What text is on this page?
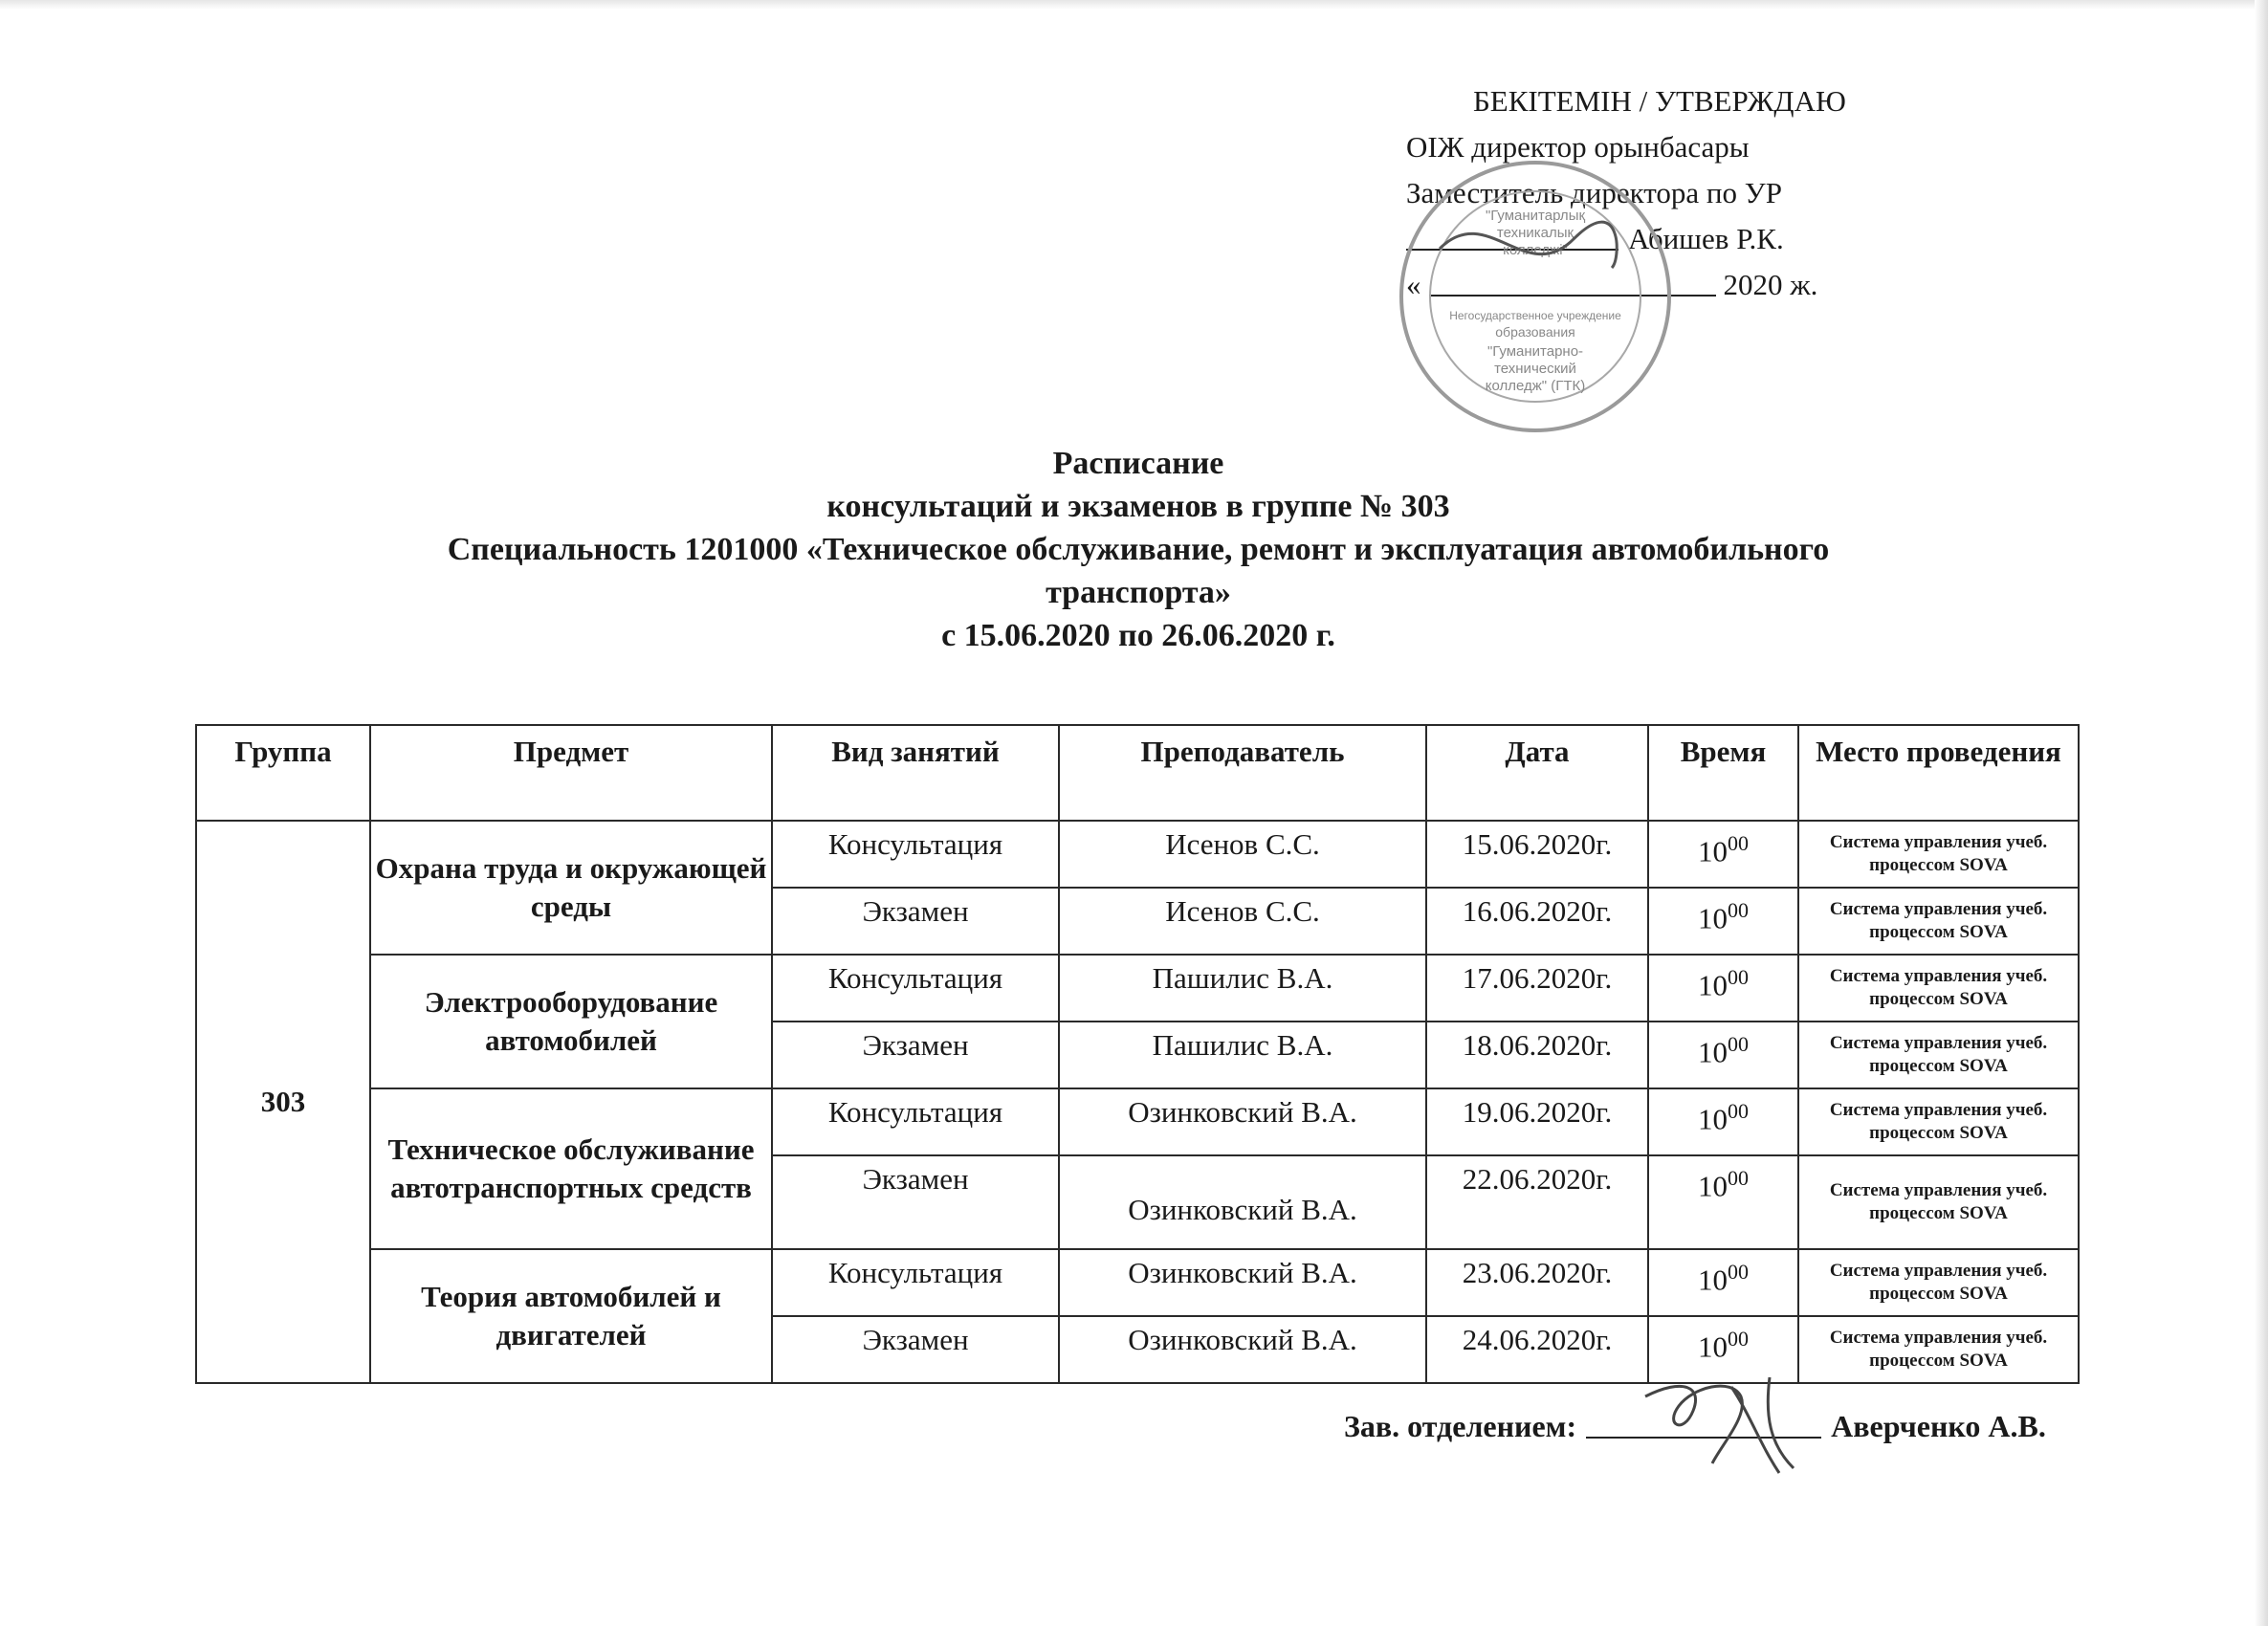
БЕКІТЕМІН / УТВЕРЖДАЮ
ОІЖ директор орынбасары
Заместитель директора по УР
Абишев Р.К.
«	2020 ж.
"Гуманитарлық
техникалық
колледжі"
Негосударственное учреждение
образования
"Гуманитарно-
технический
колледж" (ГТК)
Расписание
консультаций и экзаменов в группе № 303
Специальность 1201000 «Техническое обслуживание, ремонт и эксплуатация автомобильного
транспорта»
с 15.06.2020 по 26.06.2020 г.
Группа	Предмет	Вид занятий	Преподаватель	Дата	Время	Место проведения
303	Охрана труда и окружающей среды	Консультация	Исенов С.С.	15.06.2020г.	$10^{00}$	Система управления учеб. процессом SOVA
		Экзамен	Исенов С.С.	16.06.2020г.	$10^{00}$	Система управления учеб. процессом SOVA
	Электрооборудование автомобилей	Консультация	Пашилис В.А.	17.06.2020г.	$10^{00}$	Система управления учеб. процессом SOVA
		Экзамен	Пашилис В.А.	18.06.2020г.	$10^{00}$	Система управления учеб. процессом SOVA
	Техническое обслуживание автотранспортных средств	Консультация	Озинковский В.А.	19.06.2020г.	$10^{00}$	Система управления учеб. процессом SOVA
		Экзамен	Озинковский В.А.	22.06.2020г.	$10^{00}$	Система управления учеб. процессом SOVA
	Теория автомобилей и двигателей	Консультация	Озинковский В.А.	23.06.2020г.	$10^{00}$	Система управления учеб. процессом SOVA
		Экзамен	Озинковский В.А.	24.06.2020г.	$10^{00}$	Система управления учеб. процессом SOVA
Зав. отделением:	Аверченко А.В.
